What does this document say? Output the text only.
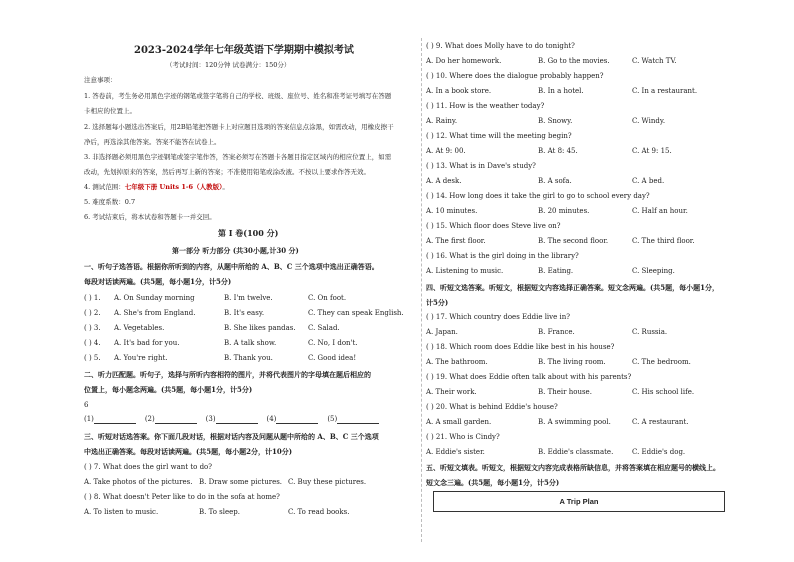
2023-2024学年七年级英语下学期期中模拟考试
（考试时间：120分钟 试卷满分：150分）
注意事项：
1. 答卷前，考生务必用黑色字迹的钢笔或签字笔将自己的学校、班级、座位号、姓名和准考证号填写在答题
卡相应的位置上。
2. 选择题每小题选出答案后，用2B铅笔把答题卡上对应题目选项的答案信息点涂黑，如需改动，用橡皮擦干
净后，再选涂其他答案。答案不能答在试卷上。
3. 非选择题必须用黑色字迹钢笔或签字笔作答，答案必须写在答题卡各题目指定区域内的相应位置上，如需
改动，先划掉原来的答案，然后再写上新的答案；不准使用铅笔或涂改液。不按以上要求作答无效。
4. 测试范围：七年级下册 Units 1-6（人教版）。
5. 难度系数：0.7
6. 考试结束后，将本试卷和答题卡一并交回。
第 I 卷(100 分)
第一部分 听力部分 (共30小题,计30 分)
一、听句子选答语。根据你所听到的内容，从题中所给的 A、B、C 三个选项中选出正确答语。
每段对话读两遍。(共5题，每小题1分，计5分)
( ) 1. A. On Sunday morning	B. I'm twelve.	C. On foot.
( ) 2. A. She's from England.	B. It's easy.	C. They can speak English.
( ) 3. A. Vegetables.	B. She likes pandas. C. Salad.
( ) 4. A. It's bad for you.	B. A talk show.	C. No, I don't.
( ) 5. A. You're right.	B. Thank you.	C. Good idea!
二、听力匹配题。听句子，选择与所听内容相符的图片，并将代表图片的字母填在题后相应的
位置上，每小题念两遍。(共5题，每小题1分，计5分)
6
(1)	(2)	(3)	(4)	(5)
三、听短对话选答案。你下面几段对话，根据对话内容及问题从题中所给的 A、B、C 三个选项
中选出正确答案。每段对话读两遍。(共5题，每小题2分，计10分)
( ) 7. What does the girl want to do?
A. Take photos of the pictures. B. Draw some pictures. C. Buy these pictures.
( ) 8. What doesn't Peter like to do in the sofa at home?
A. To listen to music.	B. To sleep.	C. To read books.
( ) 9. What does Molly have to do tonight?
A. Do her homework.	B. Go to the movies.	C. Watch TV.
( ) 10. Where does the dialogue probably happen?
A. In a book store.	B. In a hotel.	C. In a restaurant.
( ) 11. How is the weather today?
A. Rainy.	B. Snowy.	C. Windy.
( ) 12. What time will the meeting begin?
A. At 9: 00.	B. At 8: 45.	C. At 9: 15.
( ) 13. What is in Dave's study?
A. A desk.	B. A sofa.	C. A bed.
( ) 14. How long does it take the girl to go to school every day?
A. 10 minutes.	B. 20 minutes.	C. Half an hour.
( ) 15. Which floor does Steve live on?
A. The first floor.	B. The second floor.	C. The third floor.
( ) 16. What is the girl doing in the library?
A. Listening to music.	B. Eating.	C. Sleeping.
四、听短文选答案。听短文，根据短文内容选择正确答案。短文念两遍。(共5题，每小题1分，
计5分)
( ) 17. Which country does Eddie live in?
A. Japan.	B. France.	C. Russia.
( ) 18. Which room does Eddie like best in his house?
A. The bathroom.	B. The living room.	C. The bedroom.
( ) 19. What does Eddie often talk about with his parents?
A. Their work.	B. Their house.	C. His school life.
( ) 20. What is behind Eddie's house?
A. A small garden.	B. A swimming pool.	C. A restaurant.
( ) 21. Who is Cindy?
A. Eddie's sister.	B. Eddie's classmate.	C. Eddie's dog.
五、听短文填表。听短文，根据短文内容完成表格所缺信息，并将答案填在相应题号的横线上。
短文念三遍。(共5题，每小题1分，计5分)
A Trip Plan
